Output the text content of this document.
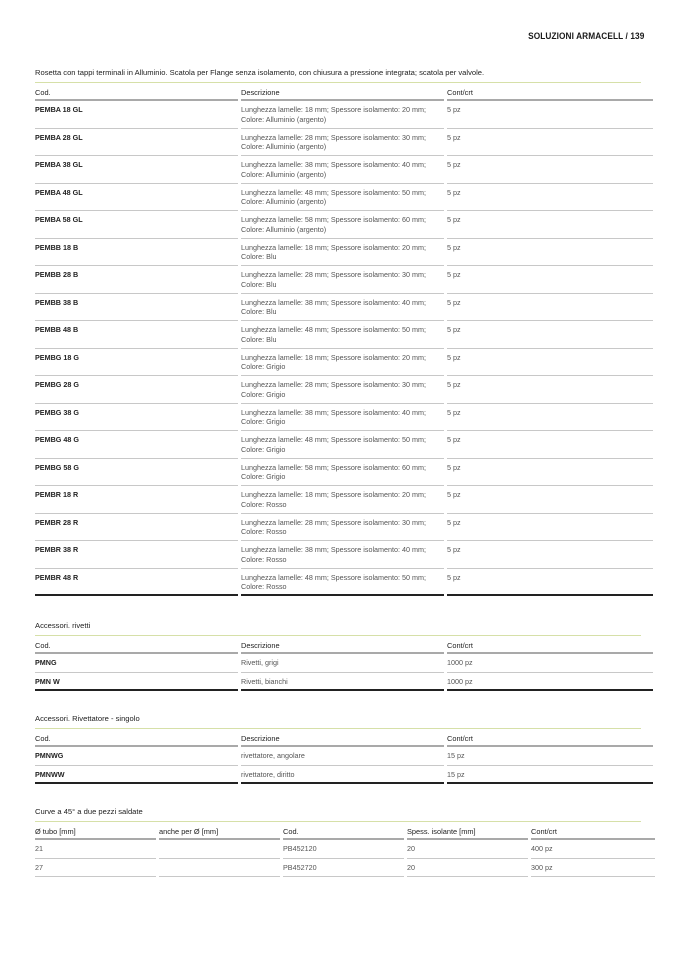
SOLUZIONI ARMACELL / 139
Rosetta con tappi terminali in Alluminio. Scatola per Flange senza isolamento, con chiusura a pressione integrata; scatola per valvole.
Cod.	Descrizione	Cont/crt
PEMBA 18 GL	Lunghezza lamelle: 18 mm; Spessore isolamento: 20 mm; Colore: Alluminio (argento)	5 pz
PEMBA 28 GL	Lunghezza lamelle: 28 mm; Spessore isolamento: 30 mm; Colore: Alluminio (argento)	5 pz
PEMBA 38 GL	Lunghezza lamelle: 38 mm; Spessore isolamento: 40 mm; Colore: Alluminio (argento)	5 pz
PEMBA 48 GL	Lunghezza lamelle: 48 mm; Spessore isolamento: 50 mm; Colore: Alluminio (argento)	5 pz
PEMBA 58 GL	Lunghezza lamelle: 58 mm; Spessore isolamento: 60 mm; Colore: Alluminio (argento)	5 pz
PEMBB 18 B	Lunghezza lamelle: 18 mm; Spessore isolamento: 20 mm; Colore: Blu	5 pz
PEMBB 28 B	Lunghezza lamelle: 28 mm; Spessore isolamento: 30 mm; Colore: Blu	5 pz
PEMBB 38 B	Lunghezza lamelle: 38 mm; Spessore isolamento: 40 mm; Colore: Blu	5 pz
PEMBB 48 B	Lunghezza lamelle: 48 mm; Spessore isolamento: 50 mm; Colore: Blu	5 pz
PEMBG 18 G	Lunghezza lamelle: 18 mm; Spessore isolamento: 20 mm; Colore: Grigio	5 pz
PEMBG 28 G	Lunghezza lamelle: 28 mm; Spessore isolamento: 30 mm; Colore: Grigio	5 pz
PEMBG 38 G	Lunghezza lamelle: 38 mm; Spessore isolamento: 40 mm; Colore: Grigio	5 pz
PEMBG 48 G	Lunghezza lamelle: 48 mm; Spessore isolamento: 50 mm; Colore: Grigio	5 pz
PEMBG 58 G	Lunghezza lamelle: 58 mm; Spessore isolamento: 60 mm; Colore: Grigio	5 pz
PEMBR 18 R	Lunghezza lamelle: 18 mm; Spessore isolamento: 20 mm; Colore: Rosso	5 pz
PEMBR 28 R	Lunghezza lamelle: 28 mm; Spessore isolamento: 30 mm; Colore: Rosso	5 pz
PEMBR 38 R	Lunghezza lamelle: 38 mm; Spessore isolamento: 40 mm; Colore: Rosso	5 pz
PEMBR 48 R	Lunghezza lamelle: 48 mm; Spessore isolamento: 50 mm; Colore: Rosso	5 pz
Accessori. rivetti
Cod.	Descrizione	Cont/crt
PMNG	Rivetti, grigi	1000 pz
PMN W	Rivetti, bianchi	1000 pz
Accessori. Rivettatore - singolo
Cod.	Descrizione	Cont/crt
PMNWG	rivettatore, angolare	15 pz
PMNWW	rivettatore, diritto	15 pz
Curve a 45° a due pezzi saldate
Ø tubo [mm]	anche per Ø [mm]	Cod.	Spess. isolante [mm]	Cont/crt
21		PB452120	20	400 pz
27		PB452720	20	300 pz
